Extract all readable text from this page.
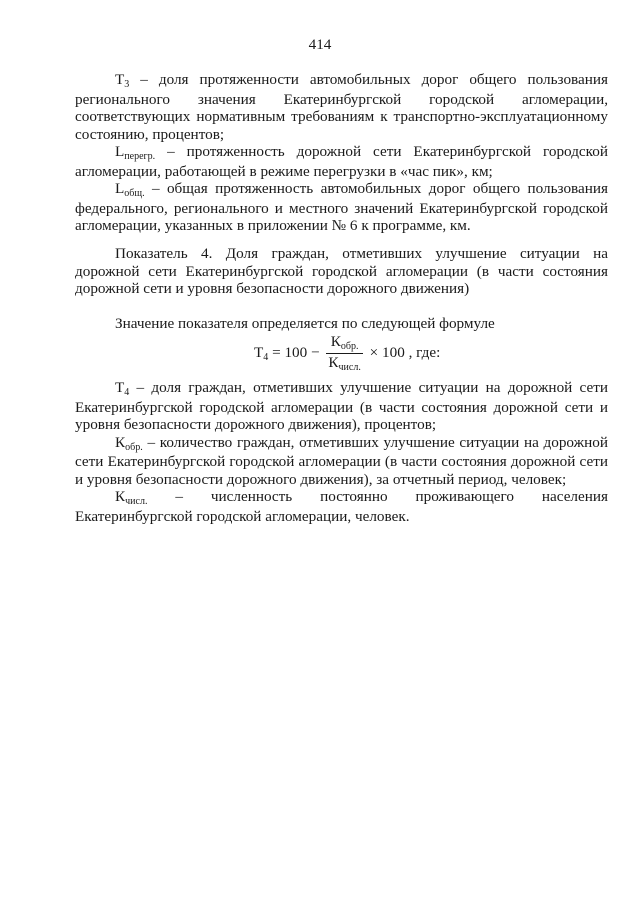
414

Т3 – доля протяженности автомобильных дорог общего пользования регионального значения Екатеринбургской городской агломерации, соответствующих нормативным требованиям к транспортно-эксплуатационному состоянию, процентов;

Lперегр. – протяженность дорожной сети Екатеринбургской городской агломерации, работающей в режиме перегрузки в «час пик», км;

Lобщ. – общая протяженность автомобильных дорог общего пользования федерального, регионального и местного значений Екатеринбургской городской агломерации, указанных в приложении № 6 к программе, км.

Показатель 4. Доля граждан, отметивших улучшение ситуации на дорожной сети Екатеринбургской городской агломерации (в части состояния дорожной сети и уровня безопасности дорожного движения)

Значение показателя определяется по следующей формуле

$Т4 = 100 - \frac{\text{Кобр.}}{\text{Кчисл.}} \times 100$ , где:

Т4 – доля граждан, отметивших улучшение ситуации на дорожной сети Екатеринбургской городской агломерации (в части состояния дорожной сети и уровня безопасности дорожного движения), процентов;

Кобр. – количество граждан, отметивших улучшение ситуации на дорожной сети Екатеринбургской городской агломерации (в части состояния дорожной сети и уровня безопасности дорожного движения), за отчетный период, человек;

Кчисл. – численность постоянно проживающего населения Екатеринбургской городской агломерации, человек.
